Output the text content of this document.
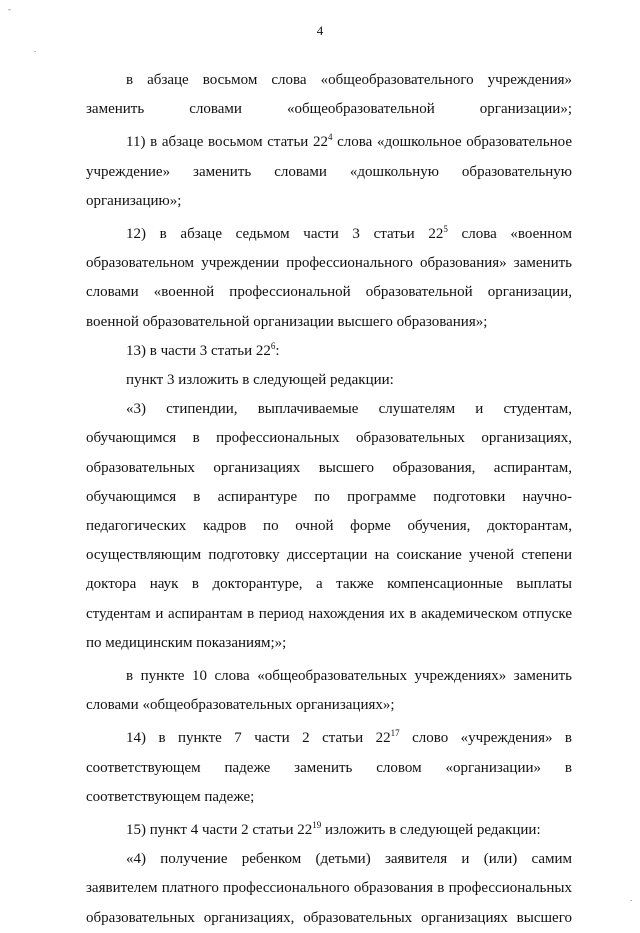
4
-
.
.

в абзаце восьмом слова «общеобразовательного учреждения» заменить словами «общеобразовательной организации»;

11) в абзаце восьмом статьи $22^4$ слова «дошкольное образовательное учреждение» заменить словами «дошкольную образовательную организацию»;

12) в абзаце седьмом части 3 статьи $22^5$ слова «военном образовательном учреждении профессионального образования» заменить словами «военной профессиональной образовательной организации, военной образовательной организации высшего образования»;

13) в части 3 статьи $22^6$:

пункт 3 изложить в следующей редакции:

«3) стипендии, выплачиваемые слушателям и студентам, обучающимся в профессиональных образовательных организациях, образовательных организациях высшего образования, аспирантам, обучающимся в аспирантуре по программе подготовки научно-педагогических кадров по очной форме обучения, докторантам, осуществляющим подготовку диссертации на соискание ученой степени доктора наук в докторантуре, а также компенсационные выплаты студентам и аспирантам в период нахождения их в академическом отпуске по медицинским показаниям;»;

в пункте 10 слова «общеобразовательных учреждениях» заменить словами «общеобразовательных организациях»;

14) в пункте 7 части 2 статьи $22^{17}$ слово «учреждения» в соответствующем падеже заменить словом «организации» в соответствующем падеже;

15) пункт 4 части 2 статьи $22^{19}$ изложить в следующей редакции:

«4) получение ребенком (детьми) заявителя и (или) самим заявителем платного профессионального образования в профессиональных образовательных организациях, образовательных организациях высшего
